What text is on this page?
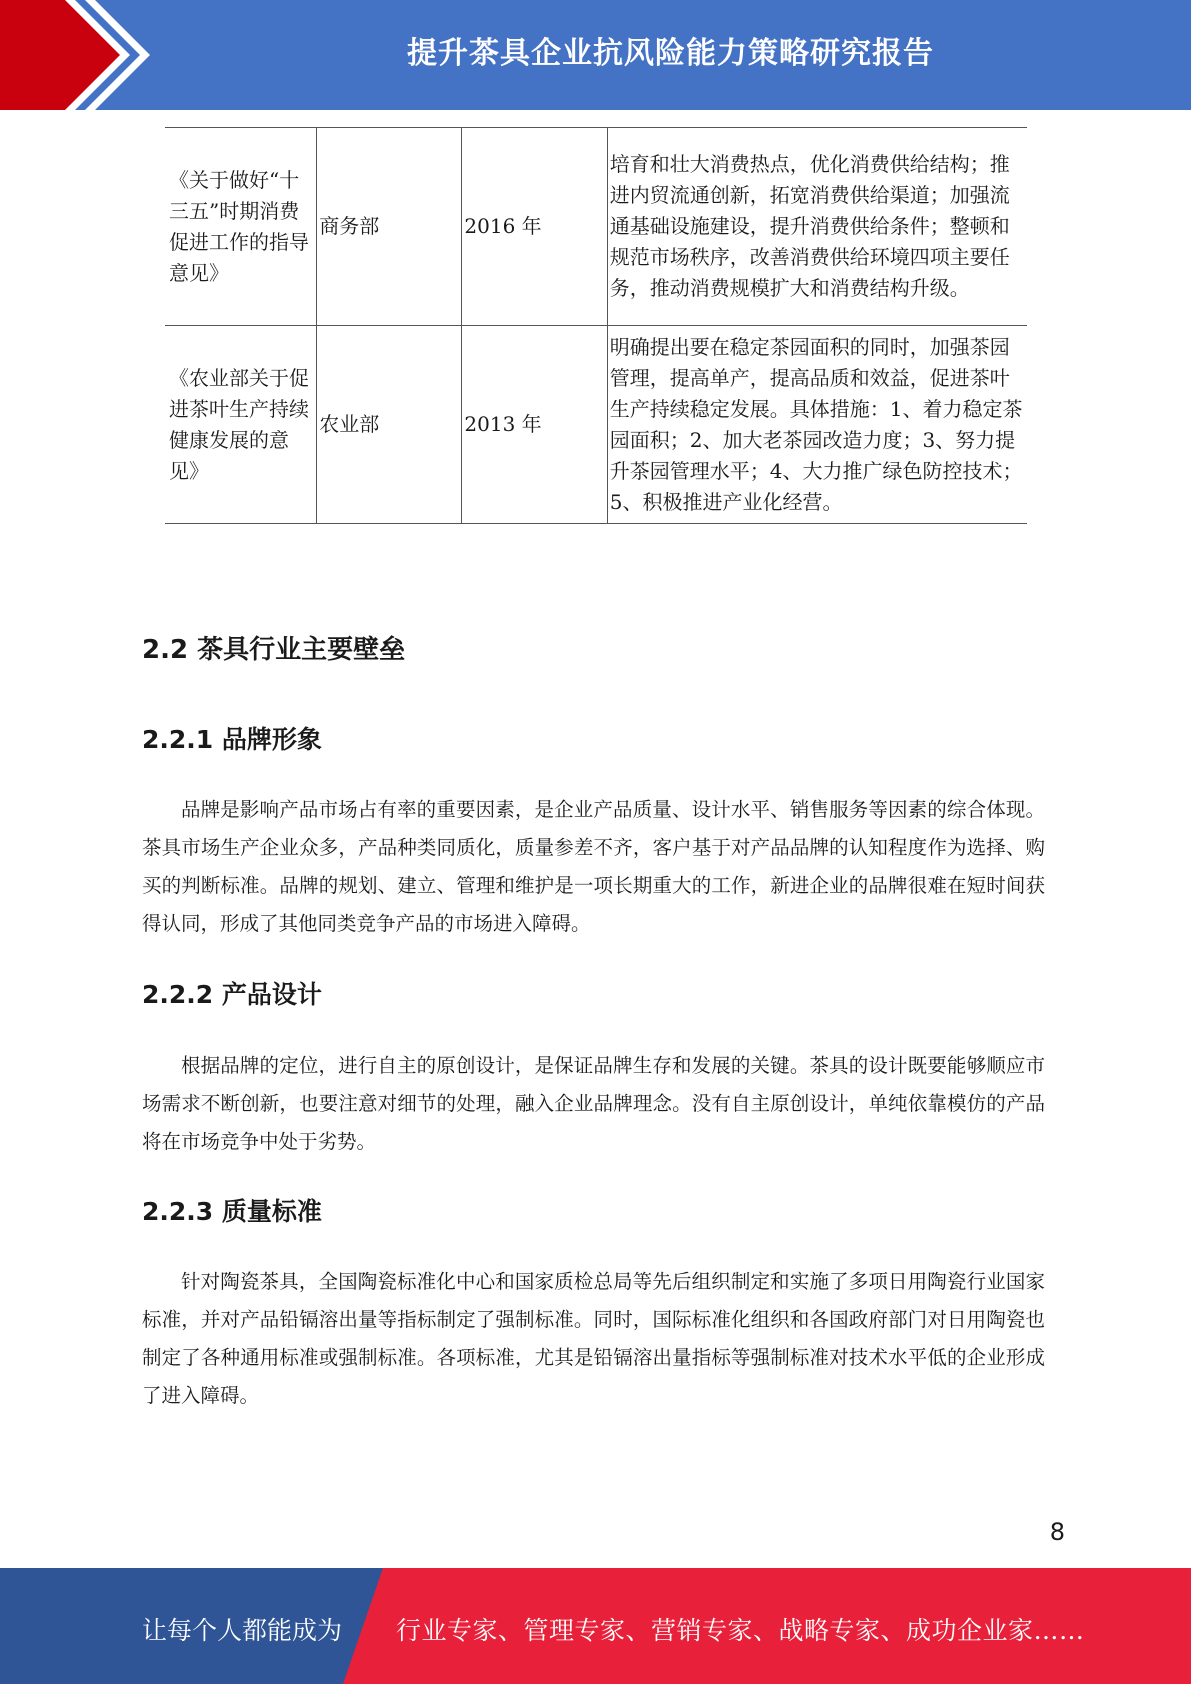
提升茶具企业抗风险能力策略研究报告
《关于做好“十三五”时期消费促进工作的指导意见》	商务部	2016 年	培育和壮大消费热点，优化消费供给结构；推进内贸流通创新，拓宽消费供给渠道；加强流通基础设施建设，提升消费供给条件；整顿和规范市场秩序，改善消费供给环境四项主要任务，推动消费规模扩大和消费结构升级。
《农业部关于促进茶叶生产持续健康发展的意见》	农业部	2013 年	明确提出要在稳定茶园面积的同时，加强茶园管理，提高单产，提高品质和效益，促进茶叶生产持续稳定发展。具体措施：1、着力稳定茶园面积；2、加大老茶园改造力度；3、努力提升茶园管理水平；4、大力推广绿色防控技术；5、积极推进产业化经营。
2.2 茶具行业主要壁垒
2.2.1 品牌形象

品牌是影响产品市场占有率的重要因素，是企业产品质量、设计水平、销售服务等因素的综合体现。茶具市场生产企业众多，产品种类同质化，质量参差不齐，客户基于对产品品牌的认知程度作为选择、购买的判断标准。品牌的规划、建立、管理和维护是一项长期重大的工作，新进企业的品牌很难在短时间获得认同，形成了其他同类竞争产品的市场进入障碍。

2.2.2 产品设计

根据品牌的定位，进行自主的原创设计，是保证品牌生存和发展的关键。茶具的设计既要能够顺应市场需求不断创新，也要注意对细节的处理，融入企业品牌理念。没有自主原创设计，单纯依靠模仿的产品将在市场竞争中处于劣势。

2.2.3 质量标准

针对陶瓷茶具，全国陶瓷标准化中心和国家质检总局等先后组织制定和实施了多项日用陶瓷行业国家标准，并对产品铅镉溶出量等指标制定了强制标准。同时，国际标准化组织和各国政府部门对日用陶瓷也制定了各种通用标准或强制标准。各项标准，尤其是铅镉溶出量指标等强制标准对技术水平低的企业形成了进入障碍。

8
让每个人都能成为 行业专家、管理专家、营销专家、战略专家、成功企业家……
